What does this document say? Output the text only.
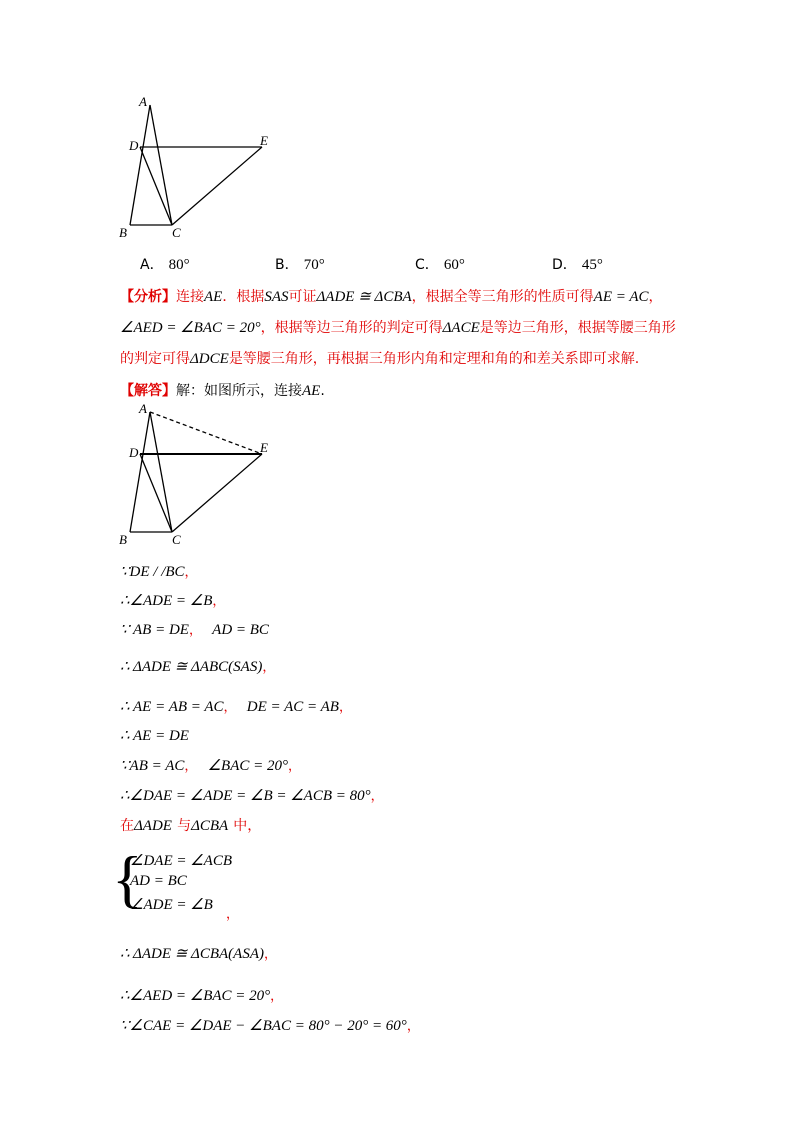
A
D	E
B	C
A． 80°	B． 70°	C． 60°	D． 45°
【分析】连接AE．根据SAS可证ΔADE ≅ ΔCBA，根据全等三角形的性质可得AE = AC，
∠AED = ∠BAC = 20°，根据等边三角形的判定可得ΔACE是等边三角形，根据等腰三角形
的判定可得ΔDCE是等腰三角形，再根据三角形内角和定理和角的和差关系即可求解.
【解答】解：如图所示，连接AE.
A
D	E
B	C
∵DE / /BC，
∴∠ADE = ∠B，
∵ AB = DE， AD = BC
∴ ΔADE ≅ ΔABC(SAS)，
∴ AE = AB = AC， DE = AC = AB，
∴ AE = DE
∵AB = AC， ∠BAC = 20°，
∴∠DAE = ∠ADE = ∠B = ∠ACB = 80°，
在ΔADE 与ΔCBA 中，
{
∠DAE = ∠ACB
AD = BC
∠ADE = ∠B
，
∴ ΔADE ≅ ΔCBA(ASA)，
∴∠AED = ∠BAC = 20°，
∵∠CAE = ∠DAE − ∠BAC = 80° − 20° = 60°，
